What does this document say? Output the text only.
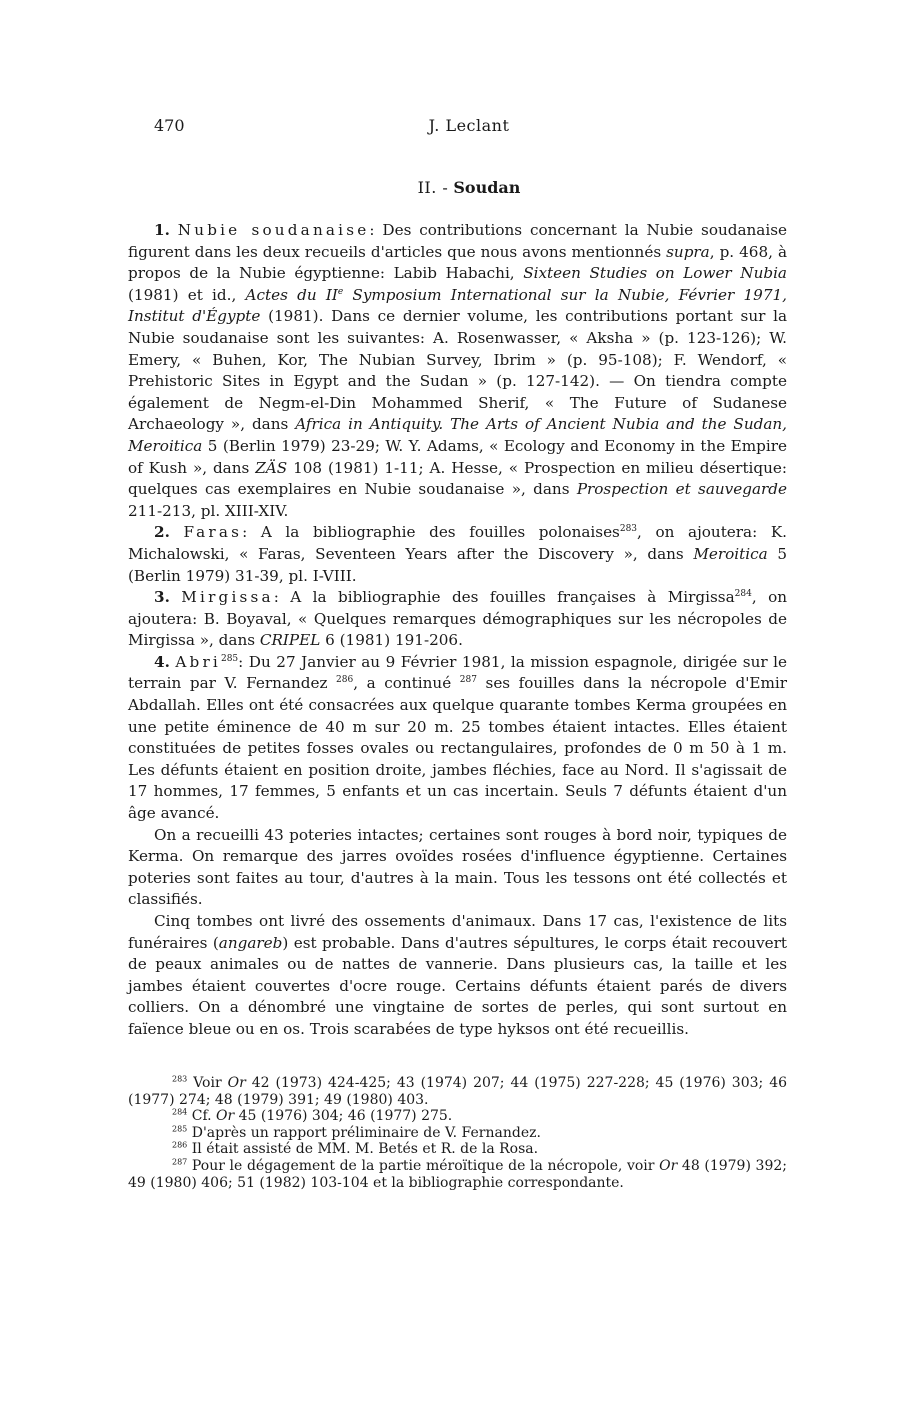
470	J. Leclant
II. - Soudan

1. Nubie soudanaise: Des contributions concernant la Nubie soudanaise figurent dans les deux recueils d'articles que nous avons mentionnés supra, p. 468, à propos de la Nubie égyptienne: Labib Habachi, Sixteen Studies on Lower Nubia (1981) et id., Actes du IIe Symposium International sur la Nubie, Février 1971, Institut d'Égypte (1981). Dans ce dernier volume, les contributions portant sur la Nubie soudanaise sont les suivantes: A. Rosenwasser, « Aksha » (p. 123-126); W. Emery, « Buhen, Kor, The Nubian Survey, Ibrim » (p. 95-108); F. Wendorf, « Prehistoric Sites in Egypt and the Sudan » (p. 127-142). — On tiendra compte également de Negm-el-Din Mohammed Sherif, « The Future of Sudanese Archaeology », dans Africa in Antiquity. The Arts of Ancient Nubia and the Sudan, Meroitica 5 (Berlin 1979) 23-29; W. Y. Adams, « Ecology and Economy in the Empire of Kush », dans ZÄS 108 (1981) 1-11; A. Hesse, « Prospection en milieu désertique: quelques cas exemplaires en Nubie soudanaise », dans Prospection et sauvegarde 211-213, pl. XIII-XIV.

2. Faras: A la bibliographie des fouilles polonaises$^{283}$, on ajoutera: K. Michalowski, « Faras, Seventeen Years after the Discovery », dans Meroitica 5 (Berlin 1979) 31-39, pl. I-VIII.

3. Mirgissa: A la bibliographie des fouilles françaises à Mirgissa$^{284}$, on ajoutera: B. Boyaval, « Quelques remarques démographiques sur les nécropoles de Mirgissa », dans CRIPEL 6 (1981) 191-206.

4. Abri$^{285}$: Du 27 Janvier au 9 Février 1981, la mission espagnole, dirigée sur le terrain par V. Fernandez $^{286}$, a continué $^{287}$ ses fouilles dans la nécropole d'Emir Abdallah. Elles ont été consacrées aux quelque quarante tombes Kerma groupées en une petite éminence de 40 m sur 20 m. 25 tombes étaient intactes. Elles étaient constituées de petites fosses ovales ou rectangulaires, profondes de 0 m 50 à 1 m. Les défunts étaient en position droite, jambes fléchies, face au Nord. Il s'agissait de 17 hommes, 17 femmes, 5 enfants et un cas incertain. Seuls 7 défunts étaient d'un âge avancé.

On a recueilli 43 poteries intactes; certaines sont rouges à bord noir, typiques de Kerma. On remarque des jarres ovoïdes rosées d'influence égyptienne. Certaines poteries sont faites au tour, d'autres à la main. Tous les tessons ont été collectés et classifiés.

Cinq tombes ont livré des ossements d'animaux. Dans 17 cas, l'existence de lits funéraires (angareb) est probable. Dans d'autres sépultures, le corps était recouvert de peaux animales ou de nattes de vannerie. Dans plusieurs cas, la taille et les jambes étaient couvertes d'ocre rouge. Certains défunts étaient parés de divers colliers. On a dénombré une vingtaine de sortes de perles, qui sont surtout en faïence bleue ou en os. Trois scarabées de type hyksos ont été recueillis.

$^{283}$ Voir Or 42 (1973) 424-425; 43 (1974) 207; 44 (1975) 227-228; 45 (1976) 303; 46 (1977) 274; 48 (1979) 391; 49 (1980) 403.

$^{284}$ Cf. Or 45 (1976) 304; 46 (1977) 275.

$^{285}$ D'après un rapport préliminaire de V. Fernandez.

$^{286}$ Il était assisté de MM. M. Betés et R. de la Rosa.

$^{287}$ Pour le dégagement de la partie méroïtique de la nécropole, voir Or 48 (1979) 392; 49 (1980) 406; 51 (1982) 103-104 et la bibliographie correspondante.
